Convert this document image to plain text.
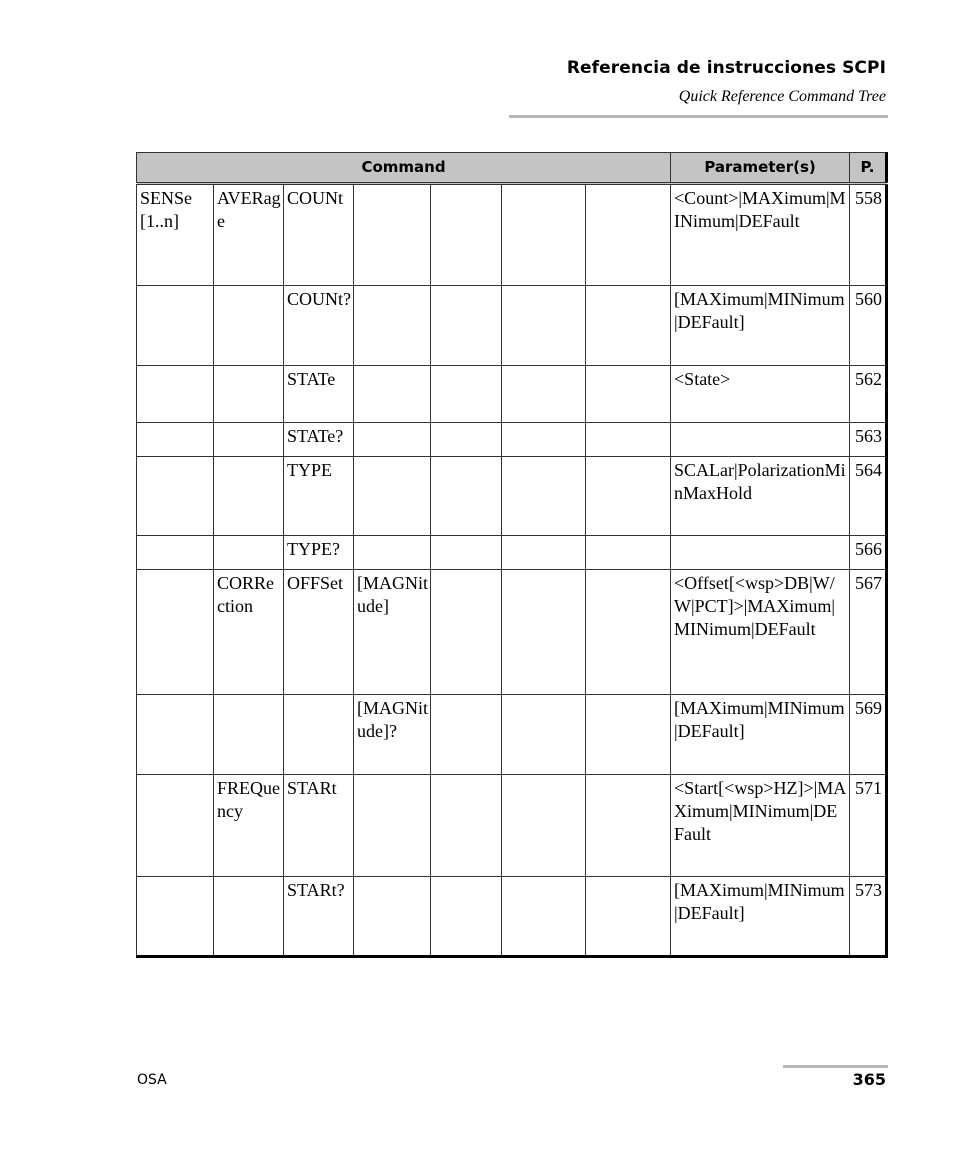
Referencia de instrucciones SCPI
Quick Reference Command Tree
Command							Parameter(s)	P.
SENSe[1..n]	AVERage	COUNt					<Count>|MAXimum|MINimum|DEFault	558
		COUNt?					[MAXimum|MINimum|DEFault]	560
		STATe					<State>	562
		STATe?						563
		TYPE					SCALar|PolarizationMinMaxHold	564
		TYPE?						566
	CORRection	OFFSet	[MAGNitude]				<Offset[<wsp>DB|W/W|PCT]>|MAXimum|MINimum|DEFault	567
			[MAGNitude]?				[MAXimum|MINimum|DEFault]	569
	FREQuency	STARt					<Start[<wsp>HZ]>|MAXimum|MINimum|DEFault	571
		STARt?					[MAXimum|MINimum|DEFault]	573
OSA	365
